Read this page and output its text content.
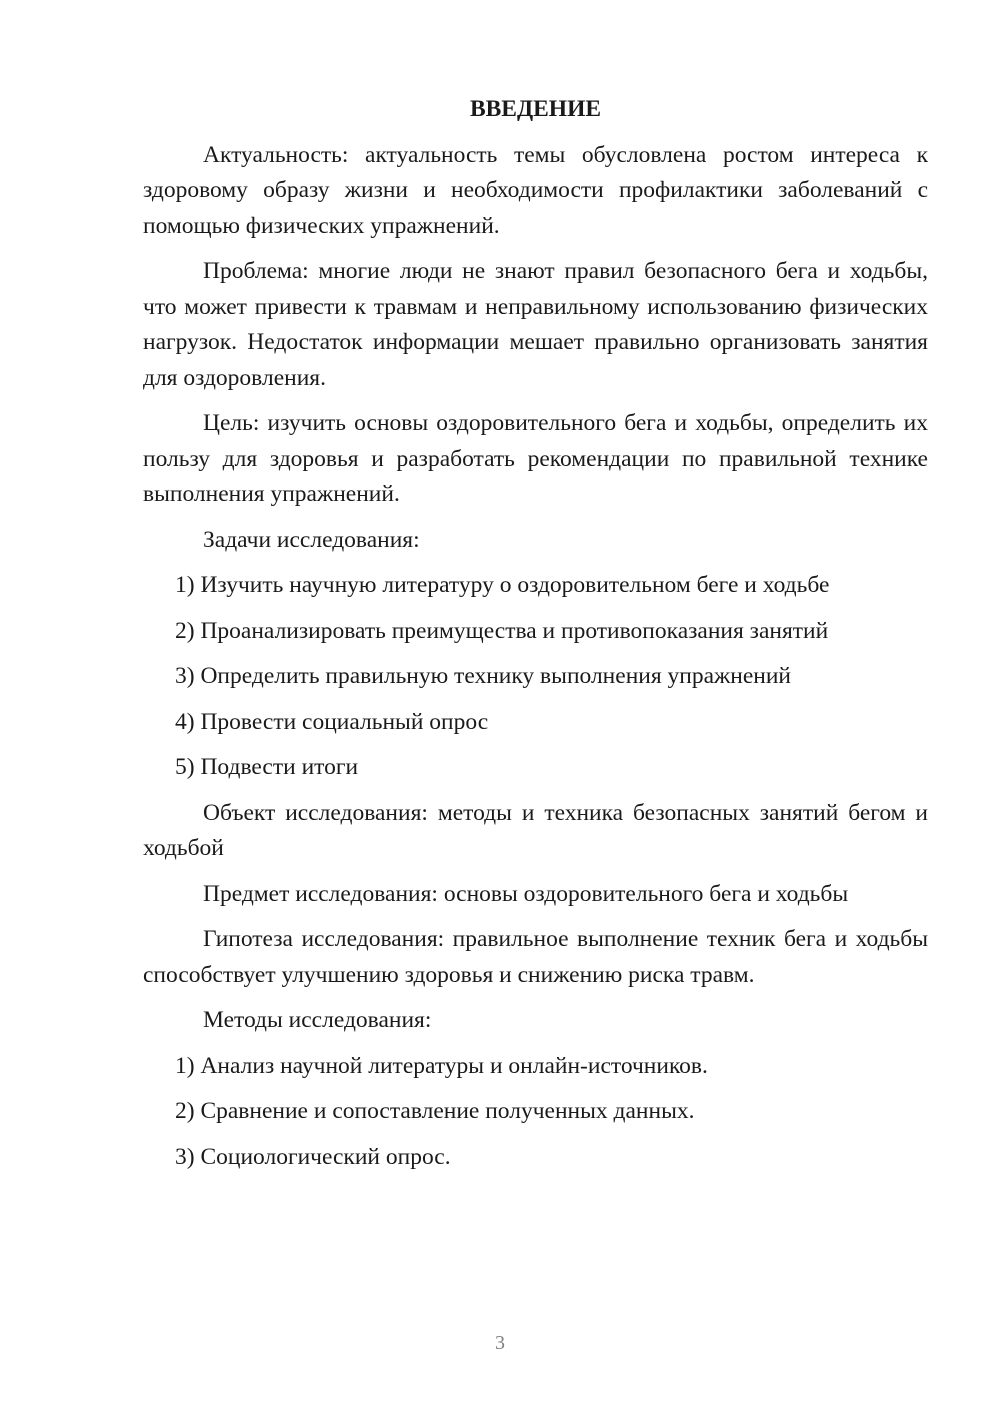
ВВЕДЕНИЕ
Актуальность: актуальность темы обусловлена ростом интереса к здоровому образу жизни и необходимости профилактики заболеваний с помощью физических упражнений.
Проблема: многие люди не знают правил безопасного бега и ходьбы, что может привести к травмам и неправильному использованию физических нагрузок. Недостаток информации мешает правильно организовать занятия для оздоровления.
Цель: изучить основы оздоровительного бега и ходьбы, определить их пользу для здоровья и разработать рекомендации по правильной технике выполнения упражнений.
Задачи исследования:
1) Изучить научную литературу о оздоровительном беге и ходьбе
2) Проанализировать преимущества и противопоказания занятий
3) Определить правильную технику выполнения упражнений
4) Провести социальный опрос
5) Подвести итоги
Объект исследования: методы и техника безопасных занятий бегом и ходьбой
Предмет исследования: основы оздоровительного бега и ходьбы
Гипотеза исследования: правильное выполнение техник бега и ходьбы способствует улучшению здоровья и снижению риска травм.
Методы исследования:
1) Анализ научной литературы и онлайн-источников.
2) Сравнение и сопоставление полученных данных.
3) Социологический опрос.
3
